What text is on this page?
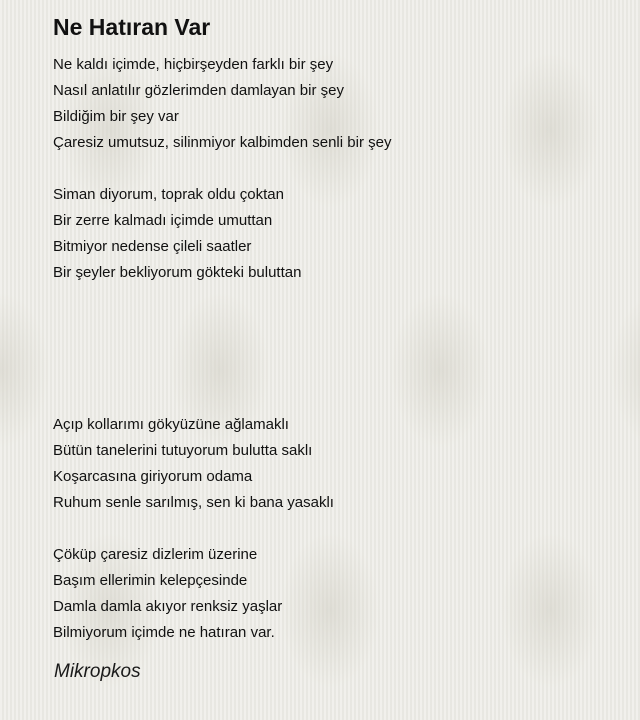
Ne Hatıran Var
Ne kaldı içimde, hiçbirşeyden farklı bir şey
Nasıl anlatılır gözlerimden damlayan bir şey
Bildiğim bir şey var
Çaresiz umutsuz, silinmiyor kalbimden senli bir şey
Siman diyorum, toprak oldu çoktan
Bir zerre kalmadı içimde umuttan
Bitmiyor nedense çileli saatler
Bir şeyler bekliyorum gökteki buluttan
Açıp kollarımı gökyüzüne ağlamaklı
Bütün tanelerini tutuyorum bulutta saklı
Koşarcasına giriyorum odama
Ruhum senle sarılmış, sen ki bana yasaklı
Çöküp çaresiz dizlerim üzerine
Başım ellerimin kelepçesinde
Damla damla akıyor renksiz yaşlar
Bilmiyorum içimde ne hatıran var.
Mikropkos
